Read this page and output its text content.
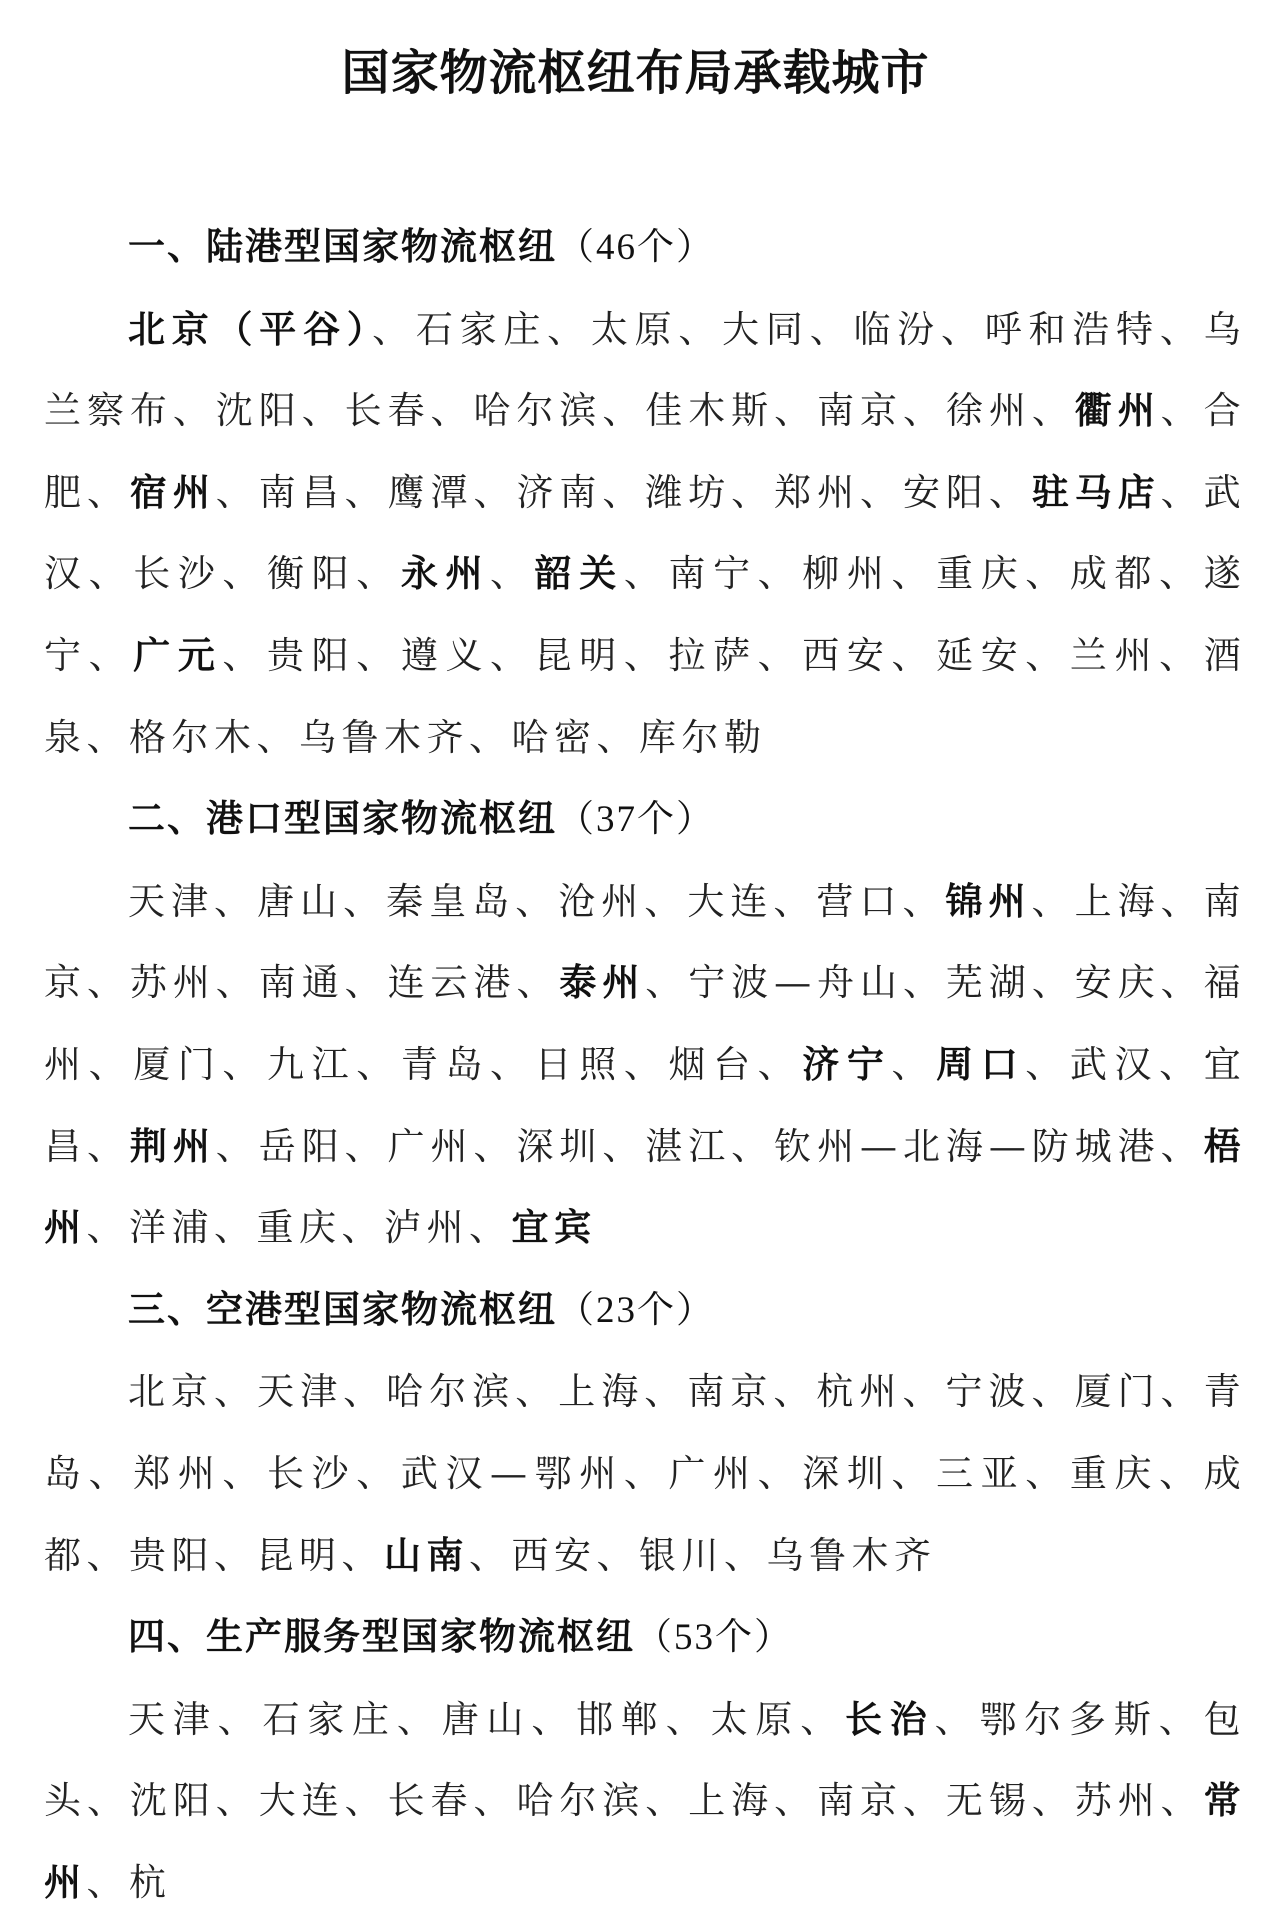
国家物流枢纽布局承载城市

一、陆港型国家物流枢纽（46个）

北京（平谷）、石家庄、太原、大同、临汾、呼和浩特、乌兰察布、沈阳、长春、哈尔滨、佳木斯、南京、徐州、衢州、合肥、宿州、南昌、鹰潭、济南、潍坊、郑州、安阳、驻马店、武汉、长沙、衡阳、永州、韶关、南宁、柳州、重庆、成都、遂宁、广元、贵阳、遵义、昆明、拉萨、西安、延安、兰州、酒泉、格尔木、乌鲁木齐、哈密、库尔勒

二、港口型国家物流枢纽（37个）

天津、唐山、秦皇岛、沧州、大连、营口、锦州、上海、南京、苏州、南通、连云港、泰州、宁波—舟山、芜湖、安庆、福州、厦门、九江、青岛、日照、烟台、济宁、周口、武汉、宜昌、荆州、岳阳、广州、深圳、湛江、钦州—北海—防城港、梧州、洋浦、重庆、泸州、宜宾

三、空港型国家物流枢纽（23个）

北京、天津、哈尔滨、上海、南京、杭州、宁波、厦门、青岛、郑州、长沙、武汉—鄂州、广州、深圳、三亚、重庆、成都、贵阳、昆明、山南、西安、银川、乌鲁木齐

四、生产服务型国家物流枢纽（53个）

天津、石家庄、唐山、邯郸、太原、长治、鄂尔多斯、包头、沈阳、大连、长春、哈尔滨、上海、南京、无锡、苏州、常州、杭
